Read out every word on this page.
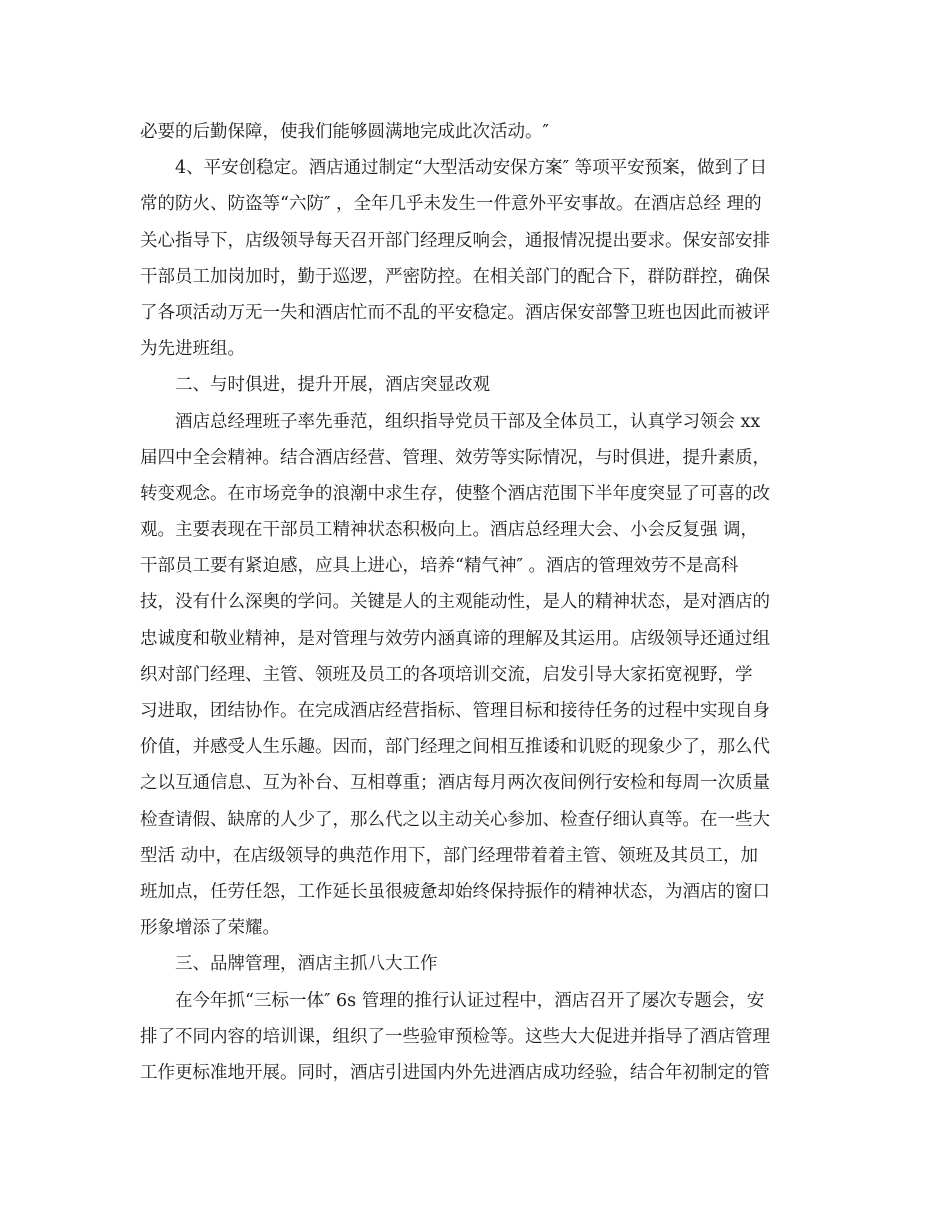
必要的后勤保障，使我们能够圆满地完成此次活动。″
4、平安创稳定。酒店通过制定“大型活动安保方案″ 等项平安预案，做到了日
常的防火、防盗等“六防″ ，全年几乎未发生一件意外平安事故。在酒店总经 理的
关心指导下，店级领导每天召开部门经理反响会，通报情况提出要求。保安部安排
干部员工加岗加时，勤于巡逻，严密防控。在相关部门的配合下，群防群控，确保
了各项活动万无一失和酒店忙而不乱的平安稳定。酒店保安部警卫班也因此而被评
为先进班组。
二、与时俱进，提升开展，酒店突显改观
酒店总经理班子率先垂范，组织指导党员干部及全体员工，认真学习领会 xx
届四中全会精神。结合酒店经营、管理、效劳等实际情况，与时俱进，提升素质，
转变观念。在市场竞争的浪潮中求生存，使整个酒店范围下半年度突显了可喜的改
观。主要表现在干部员工精神状态积极向上。酒店总经理大会、小会反复强 调，
干部员工要有紧迫感，应具上进心，培养“精气神″ 。酒店的管理效劳不是高科
技，没有什么深奥的学问。关键是人的主观能动性，是人的精神状态，是对酒店的
忠诚度和敬业精神，是对管理与效劳内涵真谛的理解及其运用。店级领导还通过组
织对部门经理、主管、领班及员工的各项培训交流，启发引导大家拓宽视野，学
习进取，团结协作。在完成酒店经营指标、管理目标和接待任务的过程中实现自身
价值，并感受人生乐趣。因而，部门经理之间相互推诿和讥贬的现象少了，那么代
之以互通信息、互为补台、互相尊重；酒店每月两次夜间例行安检和每周一次质量
检查请假、缺席的人少了，那么代之以主动关心参加、检查仔细认真等。在一些大
型活 动中，在店级领导的典范作用下，部门经理带着着主管、领班及其员工，加
班加点，任劳任怨，工作延长虽很疲惫却始终保持振作的精神状态，为酒店的窗口
形象增添了荣耀。
三、品牌管理，酒店主抓八大工作
在今年抓“三标一体″ 6s 管理的推行认证过程中，酒店召开了屡次专题会，安
排了不同内容的培训课，组织了一些验审预检等。这些大大促进并指导了酒店管理
工作更标准地开展。同时，酒店引进国内外先进酒店成功经验，结合年初制定的管
